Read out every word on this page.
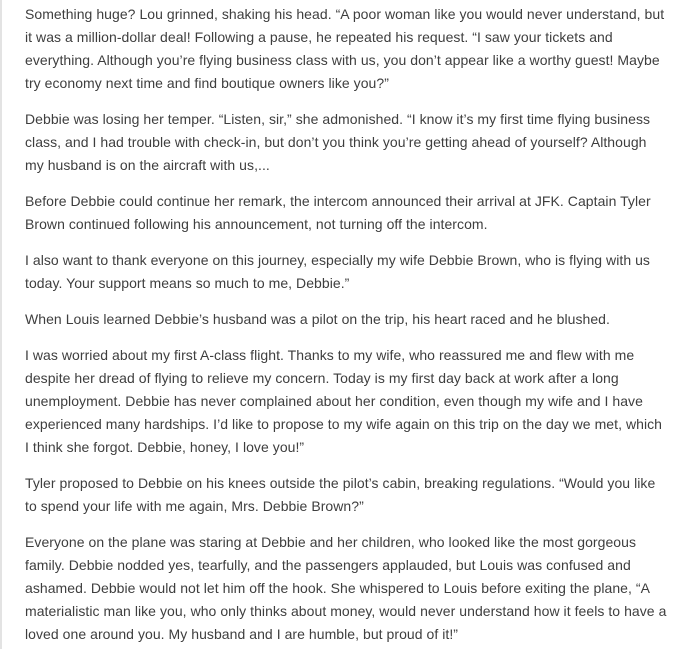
Something huge? Lou grinned, shaking his head. “A poor woman like you would never understand, but it was a million-dollar deal! Following a pause, he repeated his request. “I saw your tickets and everything. Although you’re flying business class with us, you don’t appear like a worthy guest! Maybe try economy next time and find boutique owners like you?”

Debbie was losing her temper. “Listen, sir,” she admonished. “I know it’s my first time flying business class, and I had trouble with check-in, but don’t you think you’re getting ahead of yourself? Although my husband is on the aircraft with us,...

Before Debbie could continue her remark, the intercom announced their arrival at JFK. Captain Tyler Brown continued following his announcement, not turning off the intercom.

I also want to thank everyone on this journey, especially my wife Debbie Brown, who is flying with us today. Your support means so much to me, Debbie.”

When Louis learned Debbie’s husband was a pilot on the trip, his heart raced and he blushed.

I was worried about my first A-class flight. Thanks to my wife, who reassured me and flew with me despite her dread of flying to relieve my concern. Today is my first day back at work after a long unemployment. Debbie has never complained about her condition, even though my wife and I have experienced many hardships. I’d like to propose to my wife again on this trip on the day we met, which I think she forgot. Debbie, honey, I love you!”

Tyler proposed to Debbie on his knees outside the pilot’s cabin, breaking regulations. “Would you like to spend your life with me again, Mrs. Debbie Brown?”

Everyone on the plane was staring at Debbie and her children, who looked like the most gorgeous family. Debbie nodded yes, tearfully, and the passengers applauded, but Louis was confused and ashamed. Debbie would not let him off the hook. She whispered to Louis before exiting the plane, “A materialistic man like you, who only thinks about money, would never understand how it feels to have a loved one around you. My husband and I are humble, but proud of it!”
